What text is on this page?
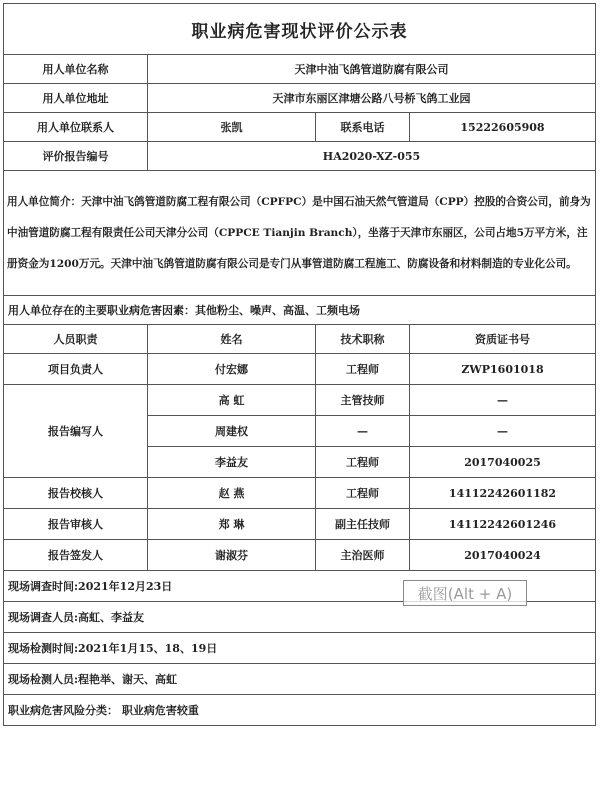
职业病危害现状评价公示表			
用人单位名称	天津中油飞鸽管道防腐有限公司		
用人单位地址	天津市东丽区津塘公路八号桥飞鸽工业园		
用人单位联系人	张凯	联系电话	15222605908
评价报告编号	HA2020-XZ-055		
用人单位简介：天津中油飞鸽管道防腐工程有限公司（CPFPC）是中国石油天然气管道局（CPP）控股的合资公司，前身为中油管道防腐工程有限责任公司天津分公司（CPPCE Tianjin Branch），坐落于天津市东丽区，公司占地5万平方米，注册资金为1200万元。天津中油飞鸽管道防腐有限公司是专门从事管道防腐工程施工、防腐设备和材料制造的专业化公司。			
用人单位存在的主要职业病危害因素：其他粉尘、噪声、高温、工频电场			
人员职责	姓名	技术职称	资质证书号
项目负责人	付宏娜	工程师	ZWP1601018
报告编写人	高 虹	主管技师	—
	周建权	—	—
	李益友	工程师	2017040025
报告校核人	赵 燕	工程师	14112242601182
报告审核人	郑 琳	副主任技师	14112242601246
报告签发人	谢淑芬	主治医师	2017040024
现场调查时间:2021年12月23日			
现场调查人员:高虹、李益友			
现场检测时间:2021年1月15、18、19日			
现场检测人员:程艳举、谢天、高虹			
职业病危害风险分类： 职业病危害较重			
截图(Alt + A)
